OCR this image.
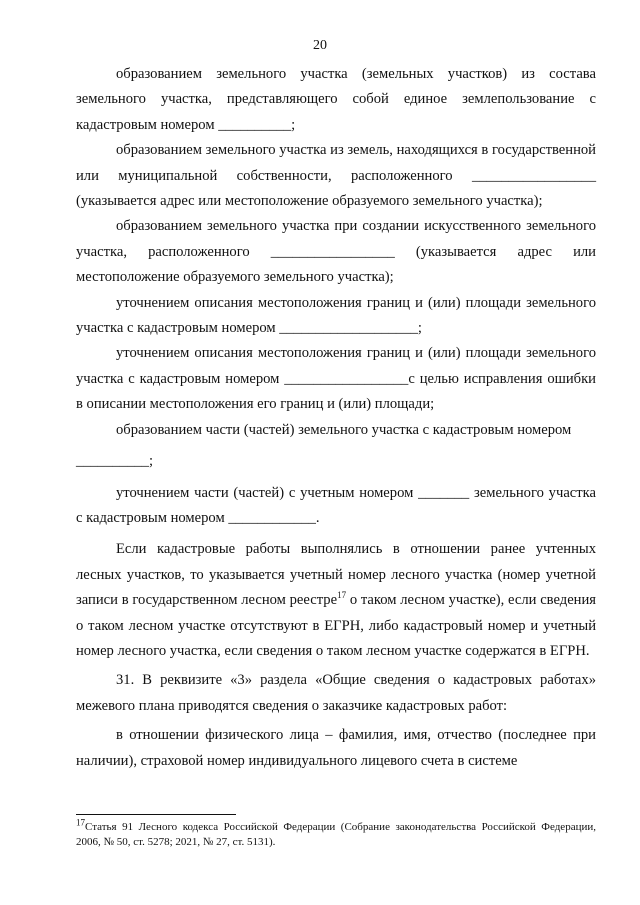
20

образованием земельного участка (земельных участков) из состава земельного участка, представляющего собой единое землепользование с кадастровым номером __________;

образованием земельного участка из земель, находящихся в государственной или муниципальной собственности, расположенного _________________ (указывается адрес или местоположение образуемого земельного участка);

образованием земельного участка при создании искусственного земельного участка, расположенного _________________ (указывается адрес или местоположение образуемого земельного участка);

уточнением описания местоположения границ и (или) площади земельного участка с кадастровым номером ___________________;

уточнением описания местоположения границ и (или) площади земельного участка с кадастровым номером _________________с целью исправления ошибки в описании местоположения его границ и (или) площади;

образованием части (частей) земельного участка с кадастровым номером

__________;

уточнением части (частей) с учетным номером _______ земельного участка с кадастровым номером ____________.

Если кадастровые работы выполнялись в отношении ранее учтенных лесных участков, то указывается учетный номер лесного участка (номер учетной записи в государственном лесном реестре$^{17}$ о таком лесном участке), если сведения о таком лесном участке отсутствуют в ЕГРН, либо кадастровый номер и учетный номер лесного участка, если сведения о таком лесном участке содержатся в ЕГРН.

31. В реквизите «3» раздела «Общие сведения о кадастровых работах» межевого плана приводятся сведения о заказчике кадастровых работ:

в отношении физического лица – фамилия, имя, отчество (последнее при наличии), страховой номер индивидуального лицевого счета в системе

$^{17}$Статья 91 Лесного кодекса Российской Федерации (Собрание законодательства Российской Федерации, 2006, № 50, ст. 5278; 2021, № 27, ст. 5131).
